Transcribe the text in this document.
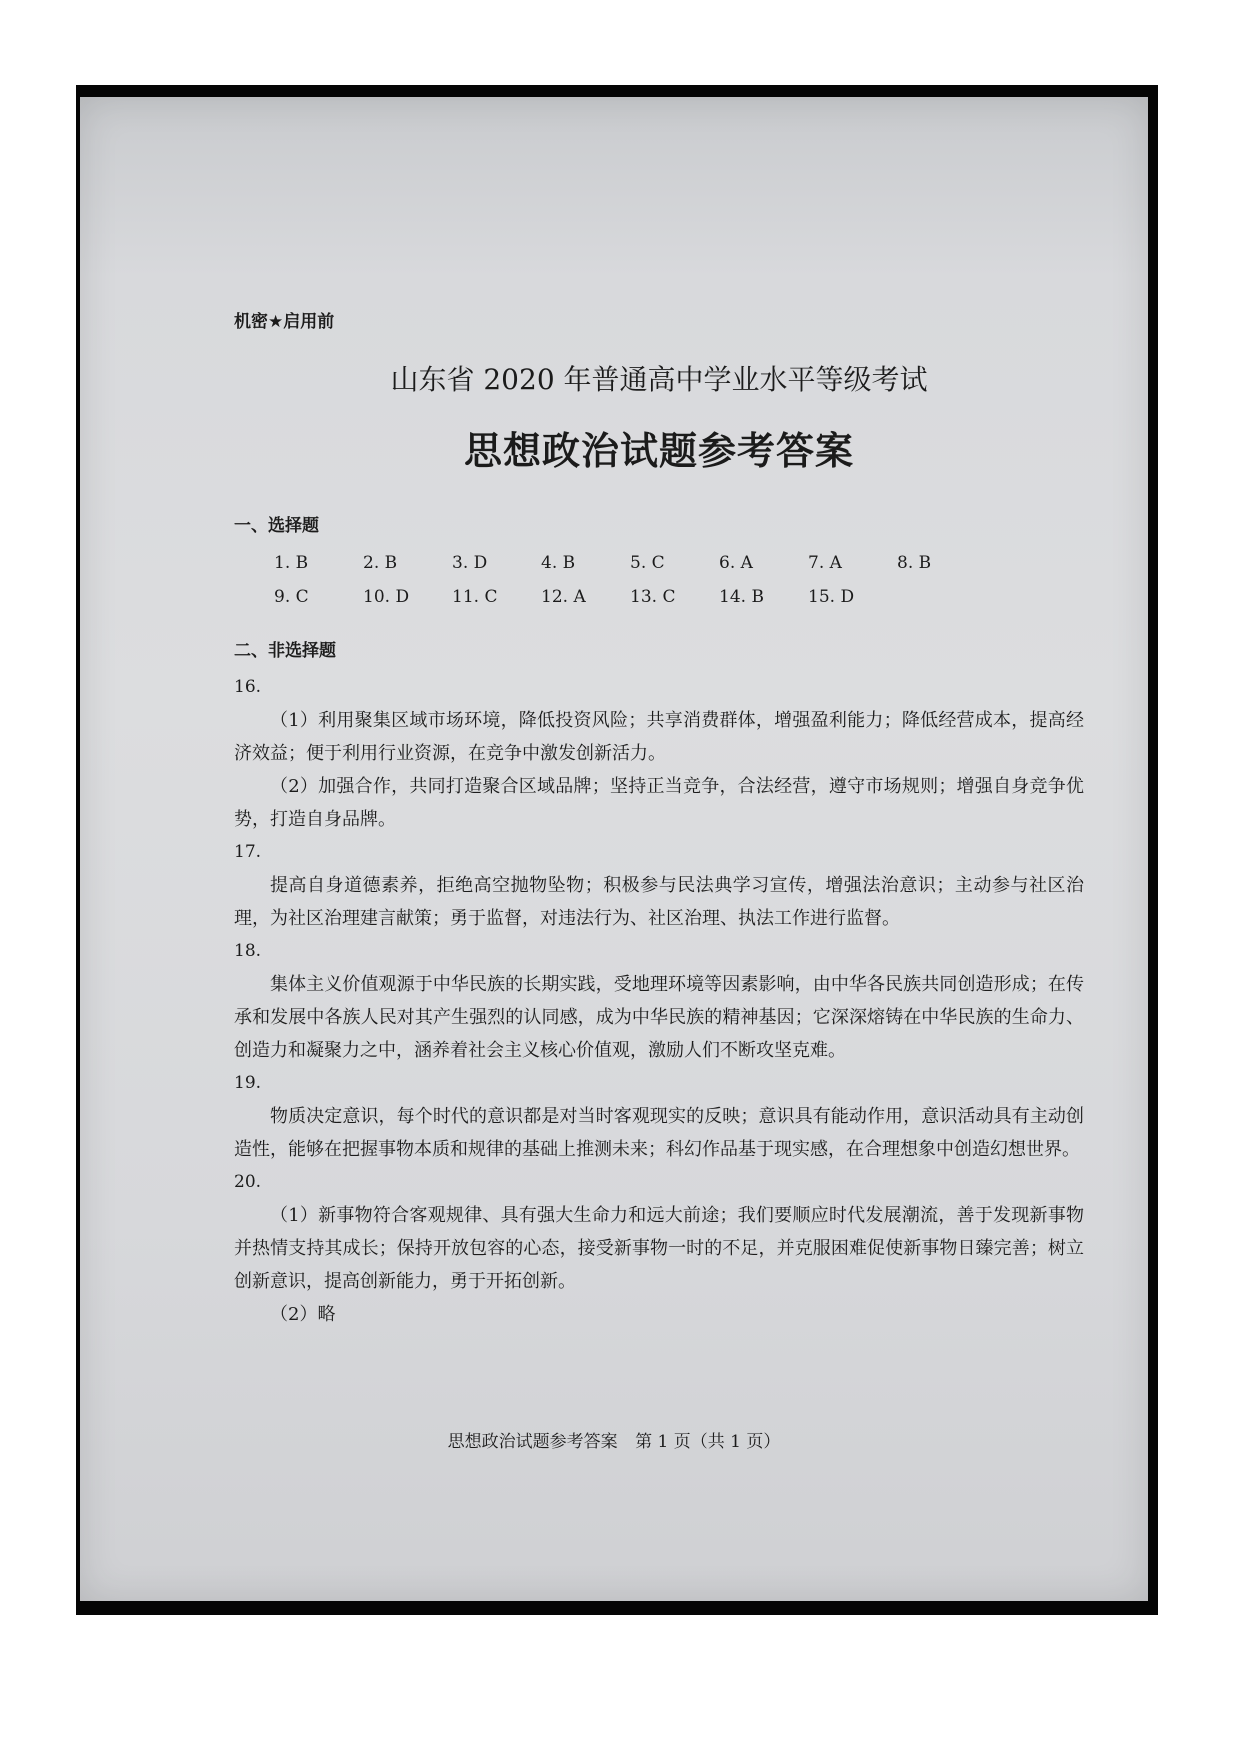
机密★启用前
山东省 2020 年普通高中学业水平等级考试
思想政治试题参考答案
一、选择题
1. B	2. B	3. D	4. B	5. C	6. A	7. A	8. B
9. C	10. D	11. C	12. A	13. C	14. B	15. D
二、非选择题
16.

（1）利用聚集区域市场环境，降低投资风险；共享消费群体，增强盈利能力；降低经营成本，提高经济效益；便于利用行业资源，在竞争中激发创新活力。

（2）加强合作，共同打造聚合区域品牌；坚持正当竞争，合法经营，遵守市场规则；增强自身竞争优势，打造自身品牌。

17.

提高自身道德素养，拒绝高空抛物坠物；积极参与民法典学习宣传，增强法治意识；主动参与社区治理，为社区治理建言献策；勇于监督，对违法行为、社区治理、执法工作进行监督。

18.

集体主义价值观源于中华民族的长期实践，受地理环境等因素影响，由中华各民族共同创造形成；在传承和发展中各族人民对其产生强烈的认同感，成为中华民族的精神基因；它深深熔铸在中华民族的生命力、创造力和凝聚力之中，涵养着社会主义核心价值观，激励人们不断攻坚克难。

19.

物质决定意识，每个时代的意识都是对当时客观现实的反映；意识具有能动作用，意识活动具有主动创造性，能够在把握事物本质和规律的基础上推测未来；科幻作品基于现实感，在合理想象中创造幻想世界。

20.

（1）新事物符合客观规律、具有强大生命力和远大前途；我们要顺应时代发展潮流，善于发现新事物并热情支持其成长；保持开放包容的心态，接受新事物一时的不足，并克服困难促使新事物日臻完善；树立创新意识，提高创新能力，勇于开拓创新。

（2）略

思想政治试题参考答案 第 1 页（共 1 页）
